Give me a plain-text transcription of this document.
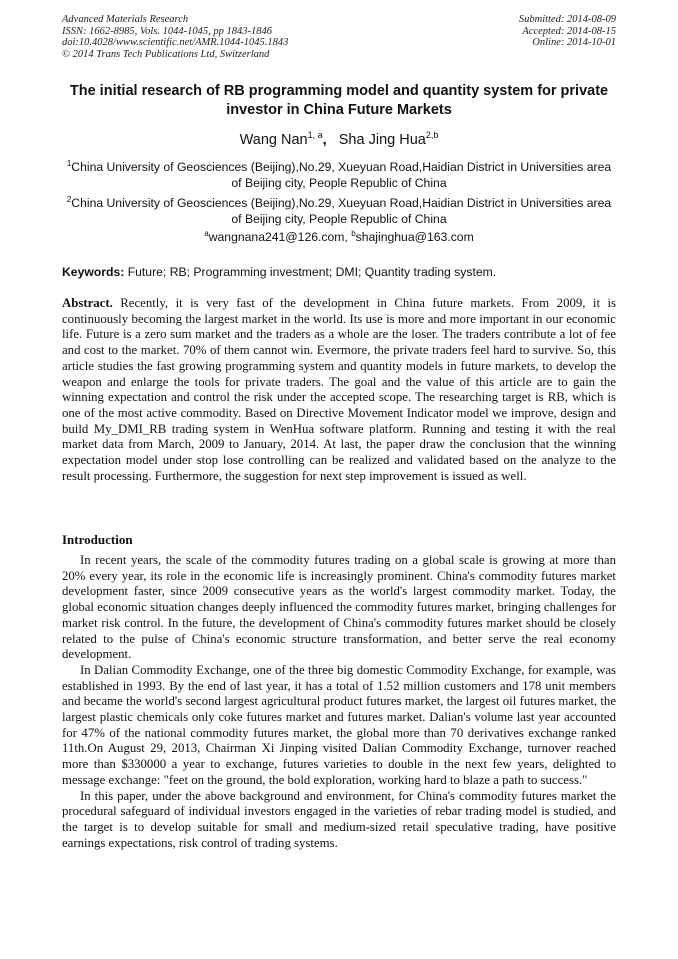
Advanced Materials Research
ISSN: 1662-8985, Vols. 1044-1045, pp 1843-1846
doi:10.4028/www.scientific.net/AMR.1044-1045.1843
© 2014 Trans Tech Publications Ltd, Switzerland
Submitted: 2014-08-09
Accepted: 2014-08-15
Online: 2014-10-01
The initial research of RB programming model and quantity system for private investor in China Future Markets
Wang Nan$^{1, a}$, Sha Jing Hua$^{2,b}$
$^1$China University of Geosciences (Beijing),No.29, Xueyuan Road,Haidian District in Universities area of Beijing city, People Republic of China
$^2$China University of Geosciences (Beijing),No.29, Xueyuan Road,Haidian District in Universities area of Beijing city, People Republic of China
$^a$wangnana241@126.com, $^b$shajinghua@163.com
Keywords: Future; RB; Programming investment; DMI; Quantity trading system.
Abstract. Recently, it is very fast of the development in China future markets. From 2009, it is continuously becoming the largest market in the world. Its use is more and more important in our economic life. Future is a zero sum market and the traders as a whole are the loser. The traders contribute a lot of fee and cost to the market. 70% of them cannot win. Evermore, the private traders feel hard to survive. So, this article studies the fast growing programming system and quantity models in future markets, to develop the weapon and enlarge the tools for private traders. The goal and the value of this article are to gain the winning expectation and control the risk under the accepted scope. The researching target is RB, which is one of the most active commodity. Based on Directive Movement Indicator model we improve, design and build My_DMI_RB trading system in WenHua software platform. Running and testing it with the real market data from March, 2009 to January, 2014. At last, the paper draw the conclusion that the winning expectation model under stop lose controlling can be realized and validated based on the analyze to the result processing. Furthermore, the suggestion for next step improvement is issued as well.
Introduction

In recent years, the scale of the commodity futures trading on a global scale is growing at more than 20% every year, its role in the economic life is increasingly prominent. China's commodity futures market development faster, since 2009 consecutive years as the world's largest commodity market. Today, the global economic situation changes deeply influenced the commodity futures market, bringing challenges for market risk control. In the future, the development of China's commodity futures market should be closely related to the pulse of China's economic structure transformation, and better serve the real economy development.

In Dalian Commodity Exchange, one of the three big domestic Commodity Exchange, for example, was established in 1993. By the end of last year, it has a total of 1.52 million customers and 178 unit members and became the world's second largest agricultural product futures market, the largest oil futures market, the largest plastic chemicals only coke futures market and futures market. Dalian's volume last year accounted for 47% of the national commodity futures market, the global more than 70 derivatives exchange ranked 11th.On August 29, 2013, Chairman Xi Jinping visited Dalian Commodity Exchange, turnover reached more than $330000 a year to exchange, futures varieties to double in the next few years, delighted to message exchange: "feet on the ground, the bold exploration, working hard to blaze a path to success."

In this paper, under the above background and environment, for China's commodity futures market the procedural safeguard of individual investors engaged in the varieties of rebar trading model is studied, and the target is to develop suitable for small and medium-sized retail speculative trading, have positive earnings expectations, risk control of trading systems.
